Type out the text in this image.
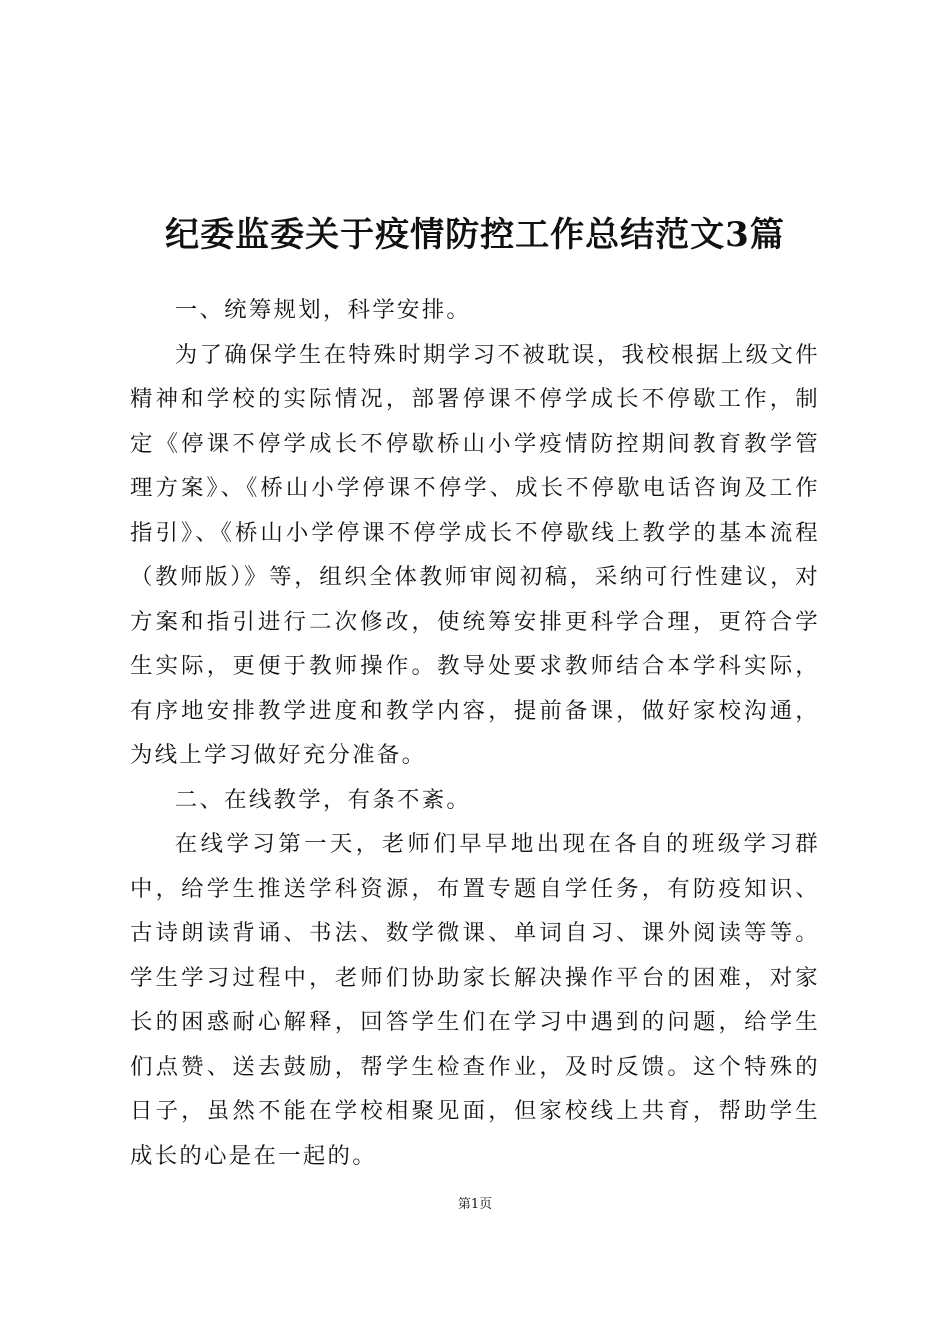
纪委监委关于疫情防控工作总结范文3篇

一、统筹规划，科学安排。

为了确保学生在特殊时期学习不被耽误，我校根据上级文件精神和学校的实际情况，部署停课不停学成长不停歇工作，制定《停课不停学成长不停歇桥山小学疫情防控期间教育教学管理方案》、《桥山小学停课不停学、成长不停歇电话咨询及工作指引》、《桥山小学停课不停学成长不停歇线上教学的基本流程（教师版）》等，组织全体教师审阅初稿，采纳可行性建议，对方案和指引进行二次修改，使统筹安排更科学合理，更符合学生实际，更便于教师操作。教导处要求教师结合本学科实际，有序地安排教学进度和教学内容，提前备课，做好家校沟通，为线上学习做好充分准备。

二、在线教学，有条不紊。

在线学习第一天，老师们早早地出现在各自的班级学习群中，给学生推送学科资源，布置专题自学任务，有防疫知识、古诗朗读背诵、书法、数学微课、单词自习、课外阅读等等。学生学习过程中，老师们协助家长解决操作平台的困难，对家长的困惑耐心解释，回答学生们在学习中遇到的问题，给学生们点赞、送去鼓励，帮学生检查作业，及时反馈。这个特殊的日子，虽然不能在学校相聚见面，但家校线上共育，帮助学生成长的心是在一起的。

第1页
